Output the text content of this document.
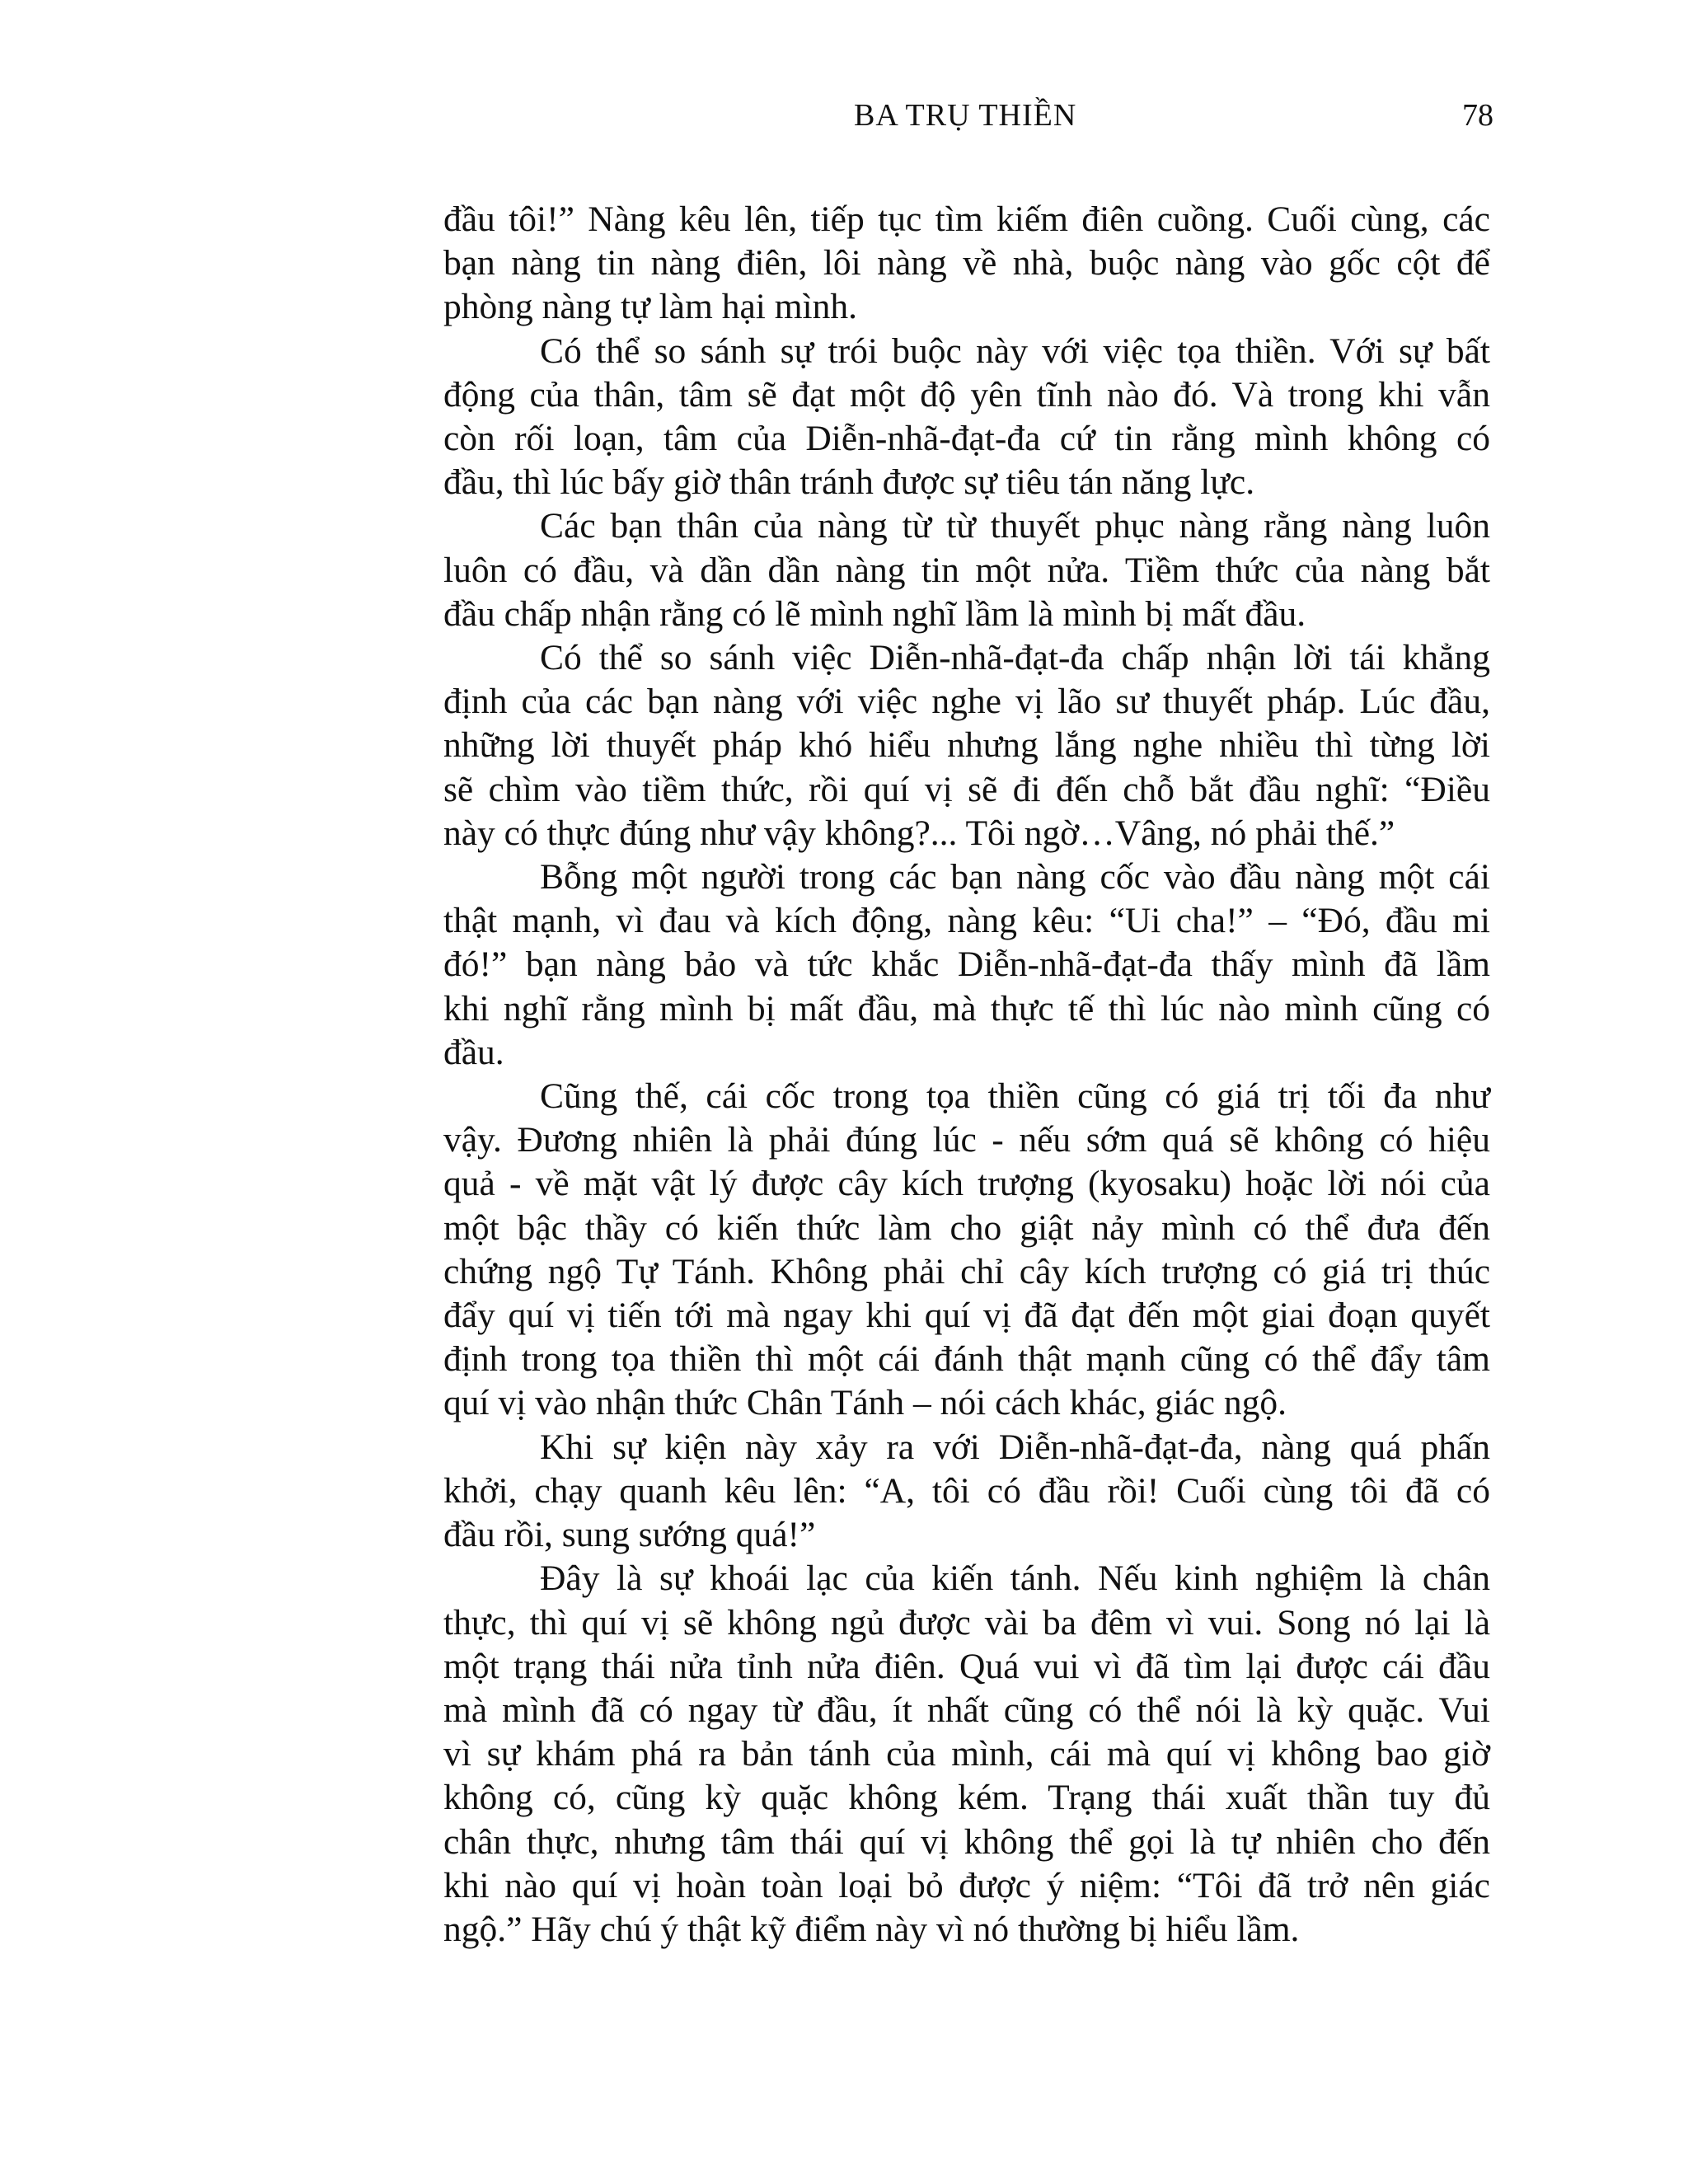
BA TRỤ THIỀN	78
đầu tôi!” Nàng kêu lên, tiếp tục tìm kiếm điên cuồng. Cuối cùng, các
bạn nàng tin nàng điên, lôi nàng về nhà, buộc nàng vào gốc cột để
phòng nàng tự làm hại mình.
Có thể so sánh sự trói buộc này với việc tọa thiền. Với sự bất
động của thân, tâm sẽ đạt một độ yên tĩnh nào đó. Và trong khi vẫn
còn rối loạn, tâm của Diễn-nhã-đạt-đa cứ tin rằng mình không có
đầu, thì lúc bấy giờ thân tránh được sự tiêu tán năng lực.
Các bạn thân của nàng từ từ thuyết phục nàng rằng nàng luôn
luôn có đầu, và dần dần nàng tin một nửa. Tiềm thức của nàng bắt
đầu chấp nhận rằng có lẽ mình nghĩ lầm là mình bị mất đầu.
Có thể so sánh việc Diễn-nhã-đạt-đa chấp nhận lời tái khẳng
định của các bạn nàng với việc nghe vị lão sư thuyết pháp. Lúc đầu,
những lời thuyết pháp khó hiểu nhưng lắng nghe nhiều thì từng lời
sẽ chìm vào tiềm thức, rồi quí vị sẽ đi đến chỗ bắt đầu nghĩ: “Điều
này có thực đúng như vậy không?... Tôi ngờ…Vâng, nó phải thế.”
Bỗng một người trong các bạn nàng cốc vào đầu nàng một cái
thật mạnh, vì đau và kích động, nàng kêu: “Ui cha!” – “Đó, đầu mi
đó!” bạn nàng bảo và tức khắc Diễn-nhã-đạt-đa thấy mình đã lầm
khi nghĩ rằng mình bị mất đầu, mà thực tế thì lúc nào mình cũng có
đầu.
Cũng thế, cái cốc trong tọa thiền cũng có giá trị tối đa như
vậy. Đương nhiên là phải đúng lúc - nếu sớm quá sẽ không có hiệu
quả - về mặt vật lý được cây kích trượng (kyosaku) hoặc lời nói của
một bậc thầy có kiến thức làm cho giật nảy mình có thể đưa đến
chứng ngộ Tự Tánh. Không phải chỉ cây kích trượng có giá trị thúc
đẩy quí vị tiến tới mà ngay khi quí vị đã đạt đến một giai đoạn quyết
định trong tọa thiền thì một cái đánh thật mạnh cũng có thể đẩy tâm
quí vị vào nhận thức Chân Tánh – nói cách khác, giác ngộ.
Khi sự kiện này xảy ra với Diễn-nhã-đạt-đa, nàng quá phấn
khởi, chạy quanh kêu lên: “A, tôi có đầu rồi! Cuối cùng tôi đã có
đầu rồi, sung sướng quá!”
Đây là sự khoái lạc của kiến tánh. Nếu kinh nghiệm là chân
thực, thì quí vị sẽ không ngủ được vài ba đêm vì vui. Song nó lại là
một trạng thái nửa tỉnh nửa điên. Quá vui vì đã tìm lại được cái đầu
mà mình đã có ngay từ đầu, ít nhất cũng có thể nói là kỳ quặc. Vui
vì sự khám phá ra bản tánh của mình, cái mà quí vị không bao giờ
không có, cũng kỳ quặc không kém. Trạng thái xuất thần tuy đủ
chân thực, nhưng tâm thái quí vị không thể gọi là tự nhiên cho đến
khi nào quí vị hoàn toàn loại bỏ được ý niệm: “Tôi đã trở nên giác
ngộ.” Hãy chú ý thật kỹ điểm này vì nó thường bị hiểu lầm.
